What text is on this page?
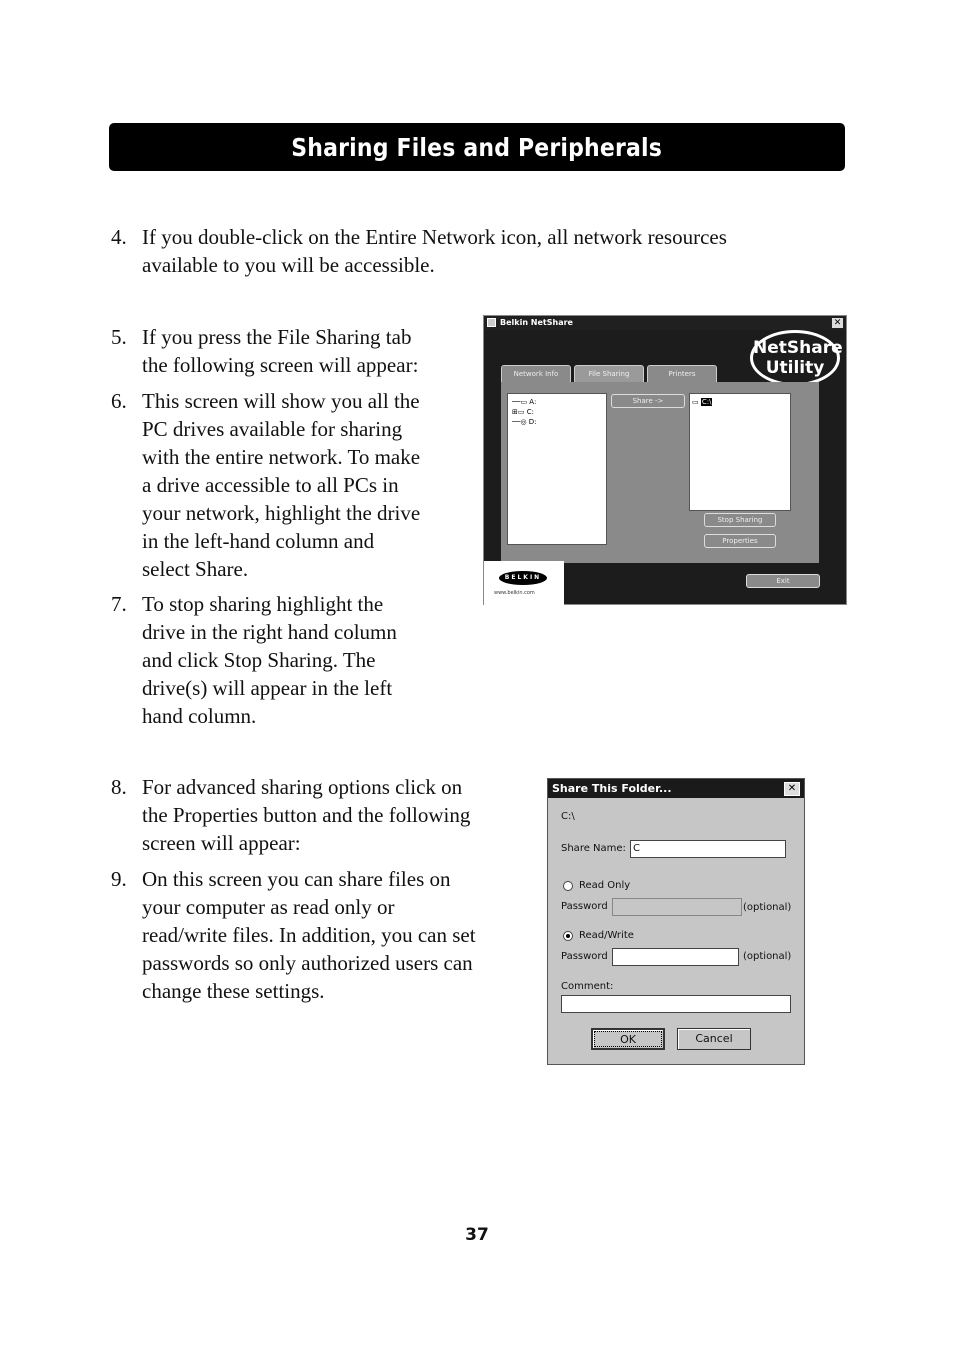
Sharing Files and Peripherals
4. If you double-click on the Entire Network icon, all network resources
available to you will be accessible.
5. If you press the File Sharing tab
the following screen will appear:
6. This screen will show you all the
PC drives available for sharing
with the entire network. To make
a drive accessible to all PCs in
your network, highlight the drive
in the left-hand column and
select Share.
7. To stop sharing highlight the
drive in the right hand column
and click Stop Sharing. The
drive(s) will appear in the left
hand column.
8. For advanced sharing options click on
the Properties button and the following
screen will appear:
9. On this screen you can share files on
your computer as read only or
read/write files. In addition, you can set
passwords so only authorized users can
change these settings.
Belkin NetShare	✕
NetShare
Utility
Network Info	File Sharing	Printers
──▭ A:
⊞▭ C:
──◎ D:
Share ->	▭ C:\
Stop Sharing
Properties
Exit
BELKIN
www.belkin.com
Share This Folder...	✕
C:\
Share Name: C
Read Only
Password	(optional)
Read/Write
Password	(optional)
Comment:
OK	Cancel
37
